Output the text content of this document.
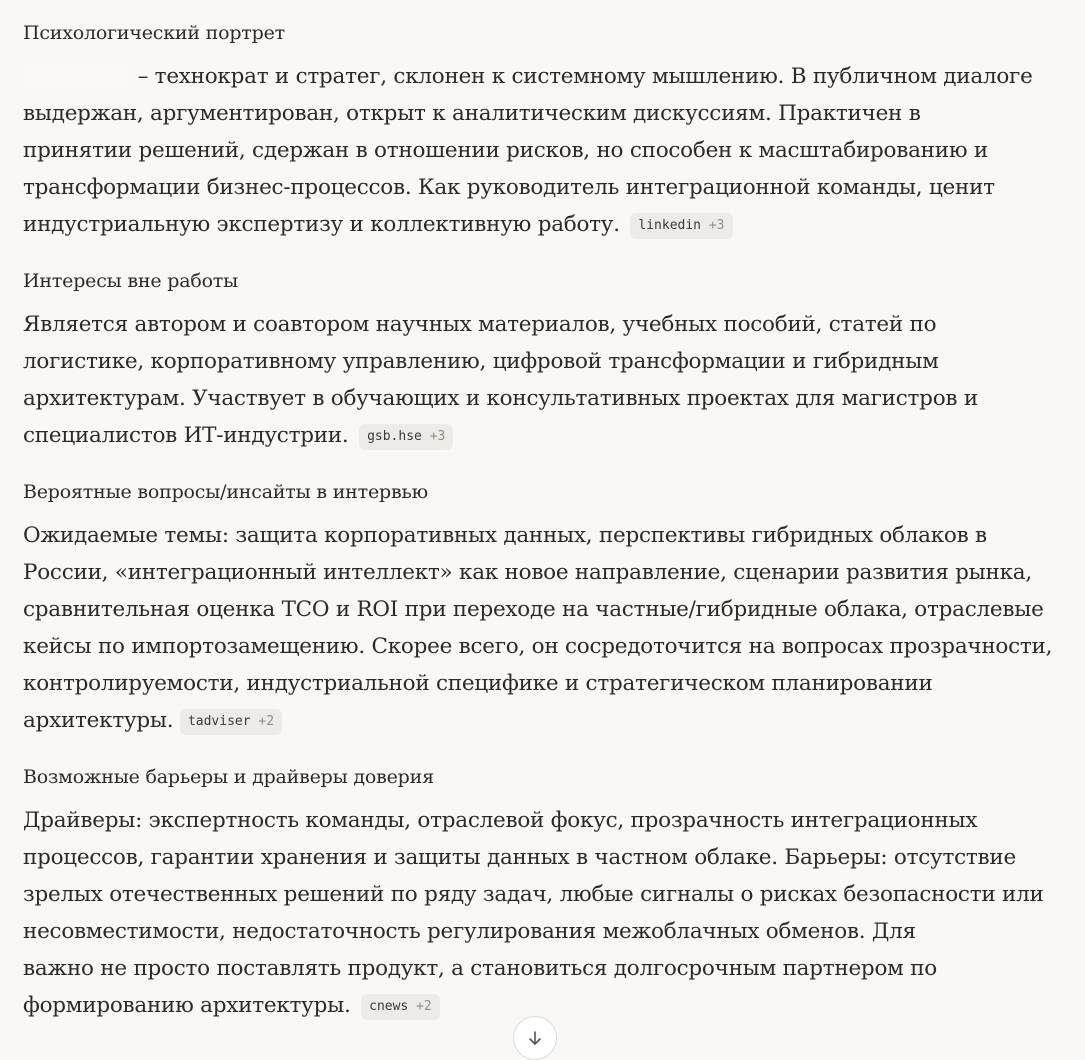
Психологический портрет

– технократ и стратег, склонен к системному мышлению. В публичном диалоге выдержан, аргументирован, открыт к аналитическим дискуссиям. Практичен в принятии решений, сдержан в отношении рисков, но способен к масштабированию и трансформации бизнес-процессов. Как руководитель интеграционной команды, ценит индустриальную экспертизу и коллективную работу. linkedin +3

Интересы вне работы

Является автором и соавтором научных материалов, учебных пособий, статей по логистике, корпоративному управлению, цифровой трансформации и гибридным архитектурам. Участвует в обучающих и консультативных проектах для магистров и специалистов ИТ-индустрии. gsb.hse +3

Вероятные вопросы/инсайты в интервью

Ожидаемые темы: защита корпоративных данных, перспективы гибридных облаков в России, «интеграционный интеллект» как новое направление, сценарии развития рынка, сравнительная оценка TCO и ROI при переходе на частные/гибридные облака, отраслевые кейсы по импортозамещению. Скорее всего, он сосредоточится на вопросах прозрачности, контролируемости, индустриальной специфике и стратегическом планировании архитектуры. tadviser +2

Возможные барьеры и драйверы доверия

Драйверы: экспертность команды, отраслевой фокус, прозрачность интеграционных процессов, гарантии хранения и защиты данных в частном облаке. Барьеры: отсутствие зрелых отечественных решений по ряду задач, любые сигналы о рисках безопасности или несовместимости, недостаточность регулирования межоблачных обменов. Для  важно не просто поставлять продукт, а становиться долгосрочным партнером по формированию архитектуры. cnews +2
